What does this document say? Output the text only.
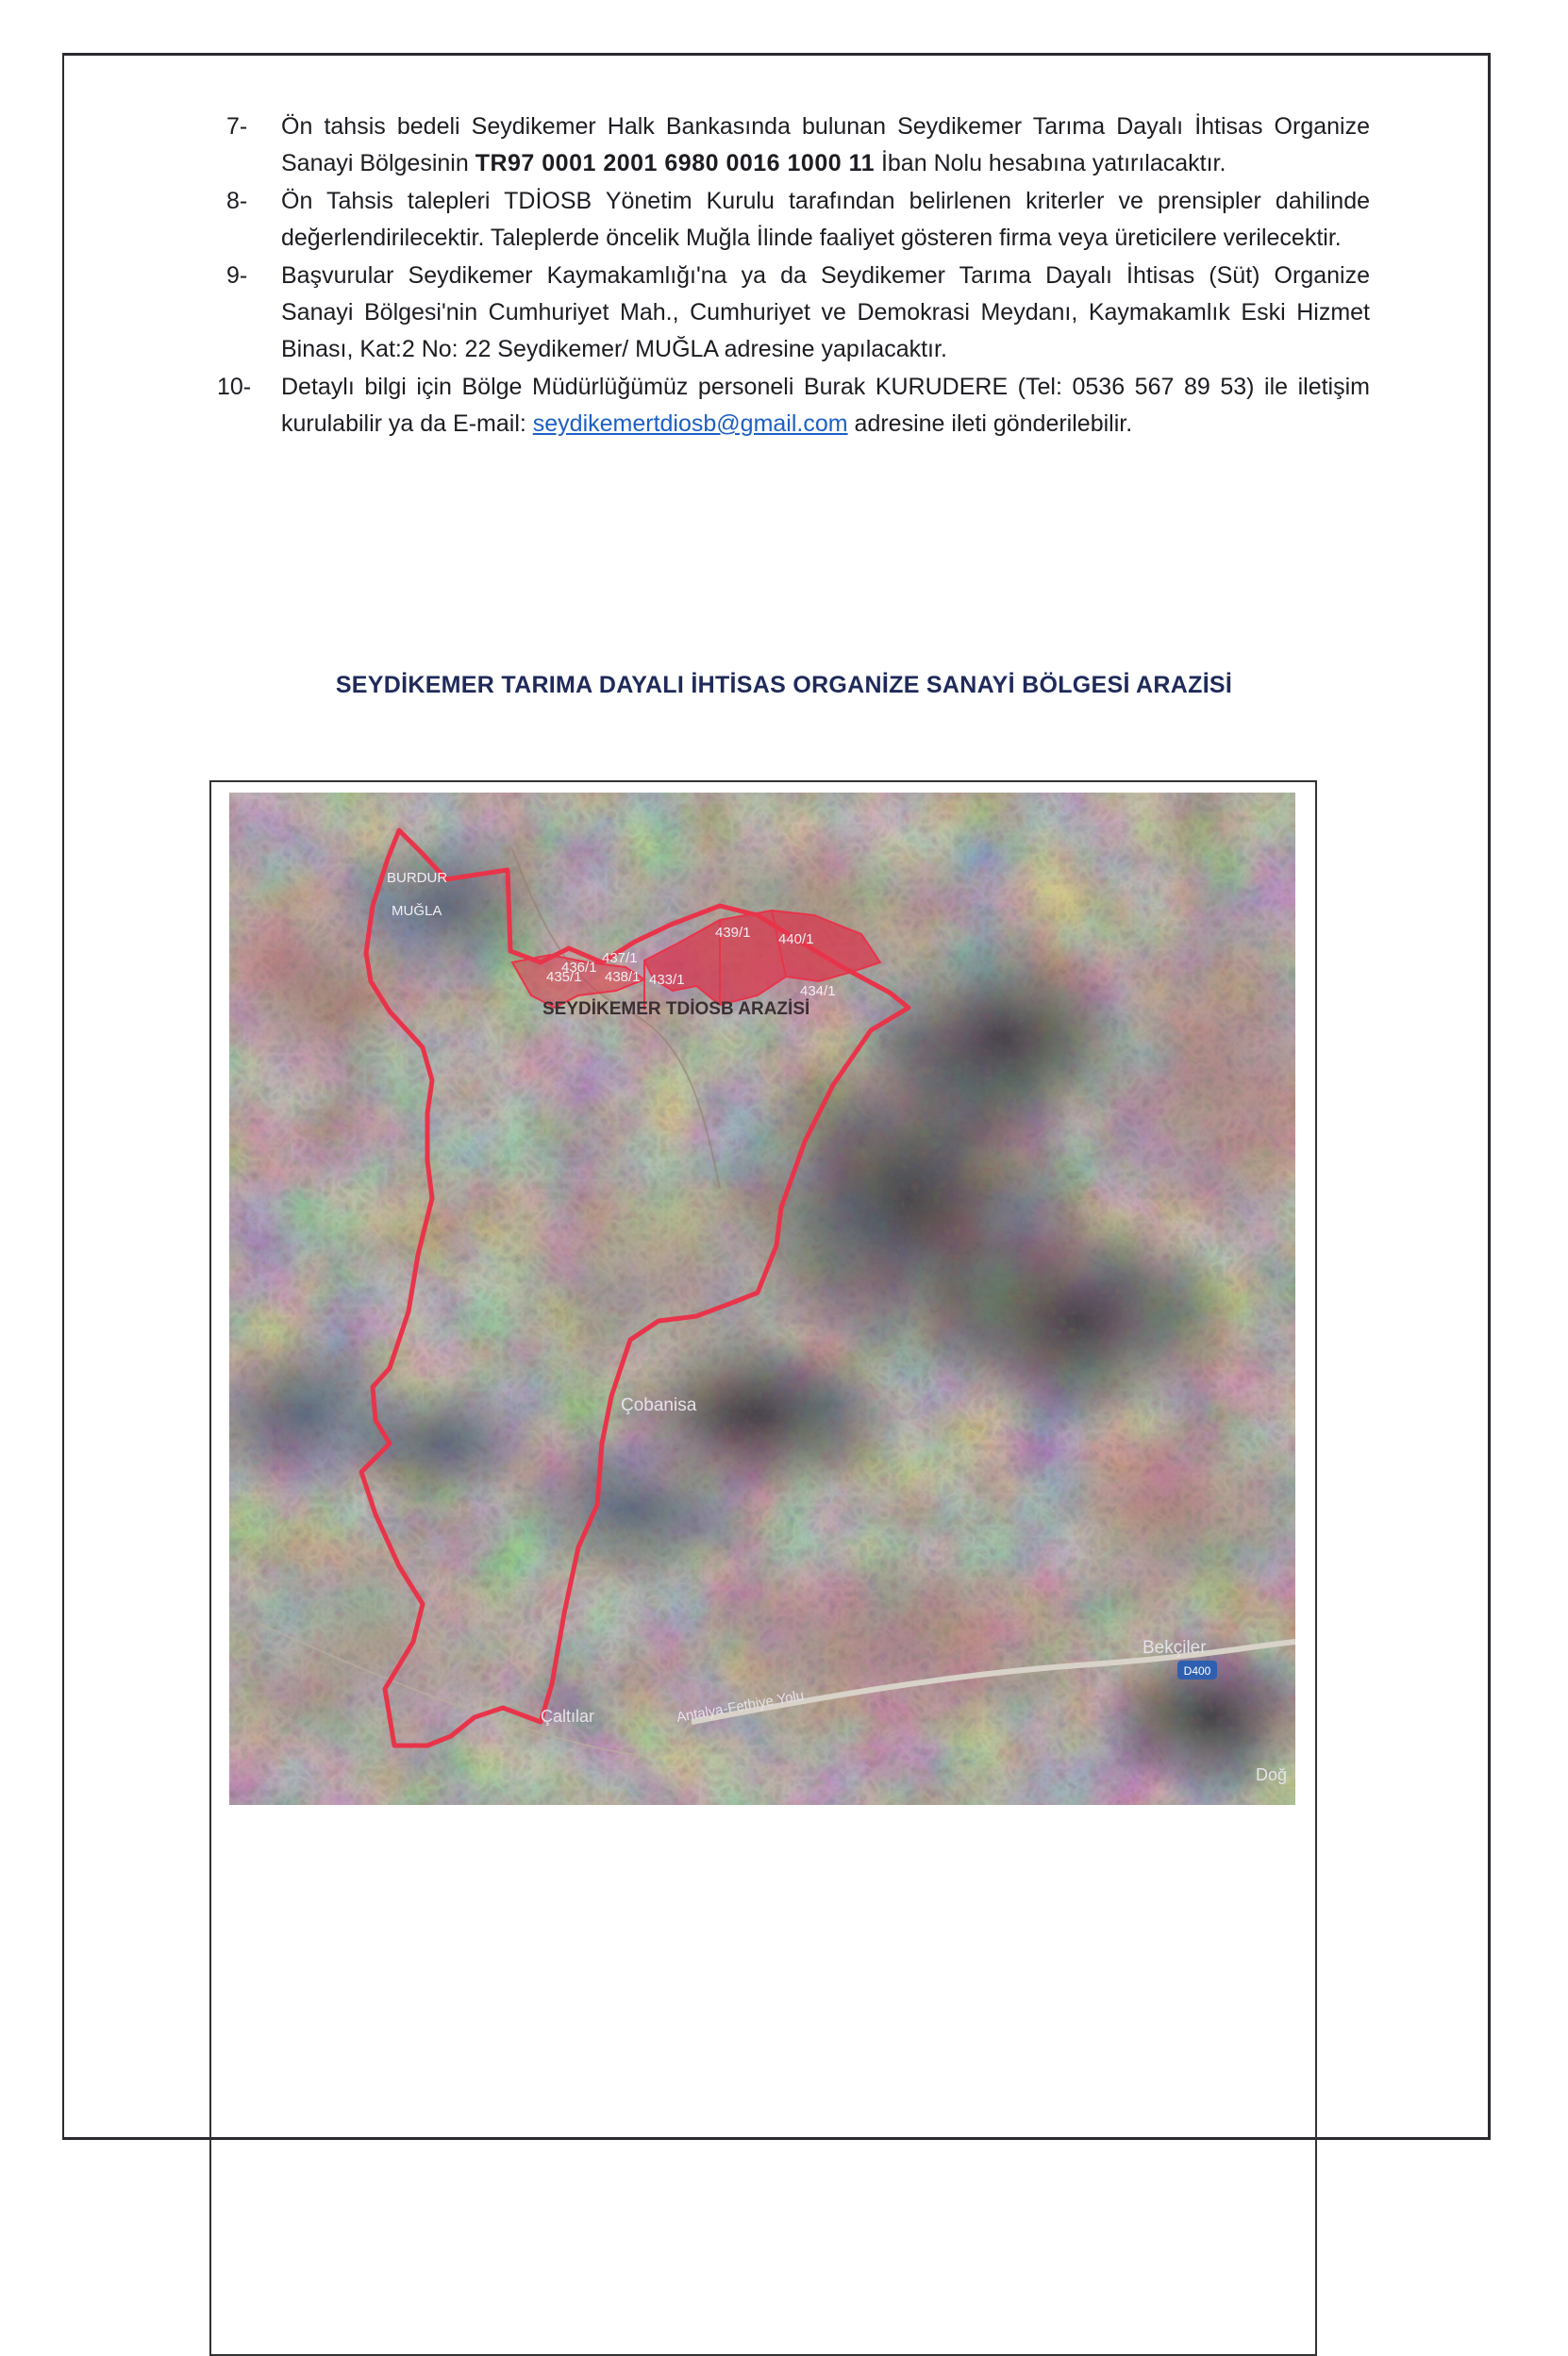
7-	Ön tahsis bedeli Seydikemer Halk Bankasında bulunan Seydikemer Tarıma Dayalı İhtisas Organize Sanayi Bölgesinin TR97 0001 2001 6980 0016 1000 11 İban Nolu hesabına yatırılacaktır.
8-	Ön Tahsis talepleri TDİOSB Yönetim Kurulu tarafından belirlenen kriterler ve prensipler dahilinde değerlendirilecektir. Taleplerde öncelik Muğla İlinde faaliyet gösteren firma veya üreticilere verilecektir.
9-	Başvurular Seydikemer Kaymakamlığı'na ya da Seydikemer Tarıma Dayalı İhtisas (Süt) Organize Sanayi Bölgesi'nin Cumhuriyet Mah., Cumhuriyet ve Demokrasi Meydanı, Kaymakamlık Eski Hizmet Binası, Kat:2 No: 22 Seydikemer/ MUĞLA adresine yapılacaktır.
10-	Detaylı bilgi için Bölge Müdürlüğümüz personeli Burak KURUDERE (Tel: 0536 567 89 53) ile iletişim kurulabilir ya da E-mail: seydikemertdiosb@gmail.com adresine ileti gönderilebilir.
SEYDİKEMER TARIMA DAYALI İHTİSAS ORGANİZE SANAYİ BÖLGESİ ARAZİSİ
BURDUR
MUĞLA
439/1 440/1
437/1
436/1
438/1 433/1
434/1
435/1
SEYDİKEMER TDİOSB ARAZİSİ
Çobanisa
Bekçiler
Çaltılar	Antalya-Fethiye Yolu
Doğ
D400
